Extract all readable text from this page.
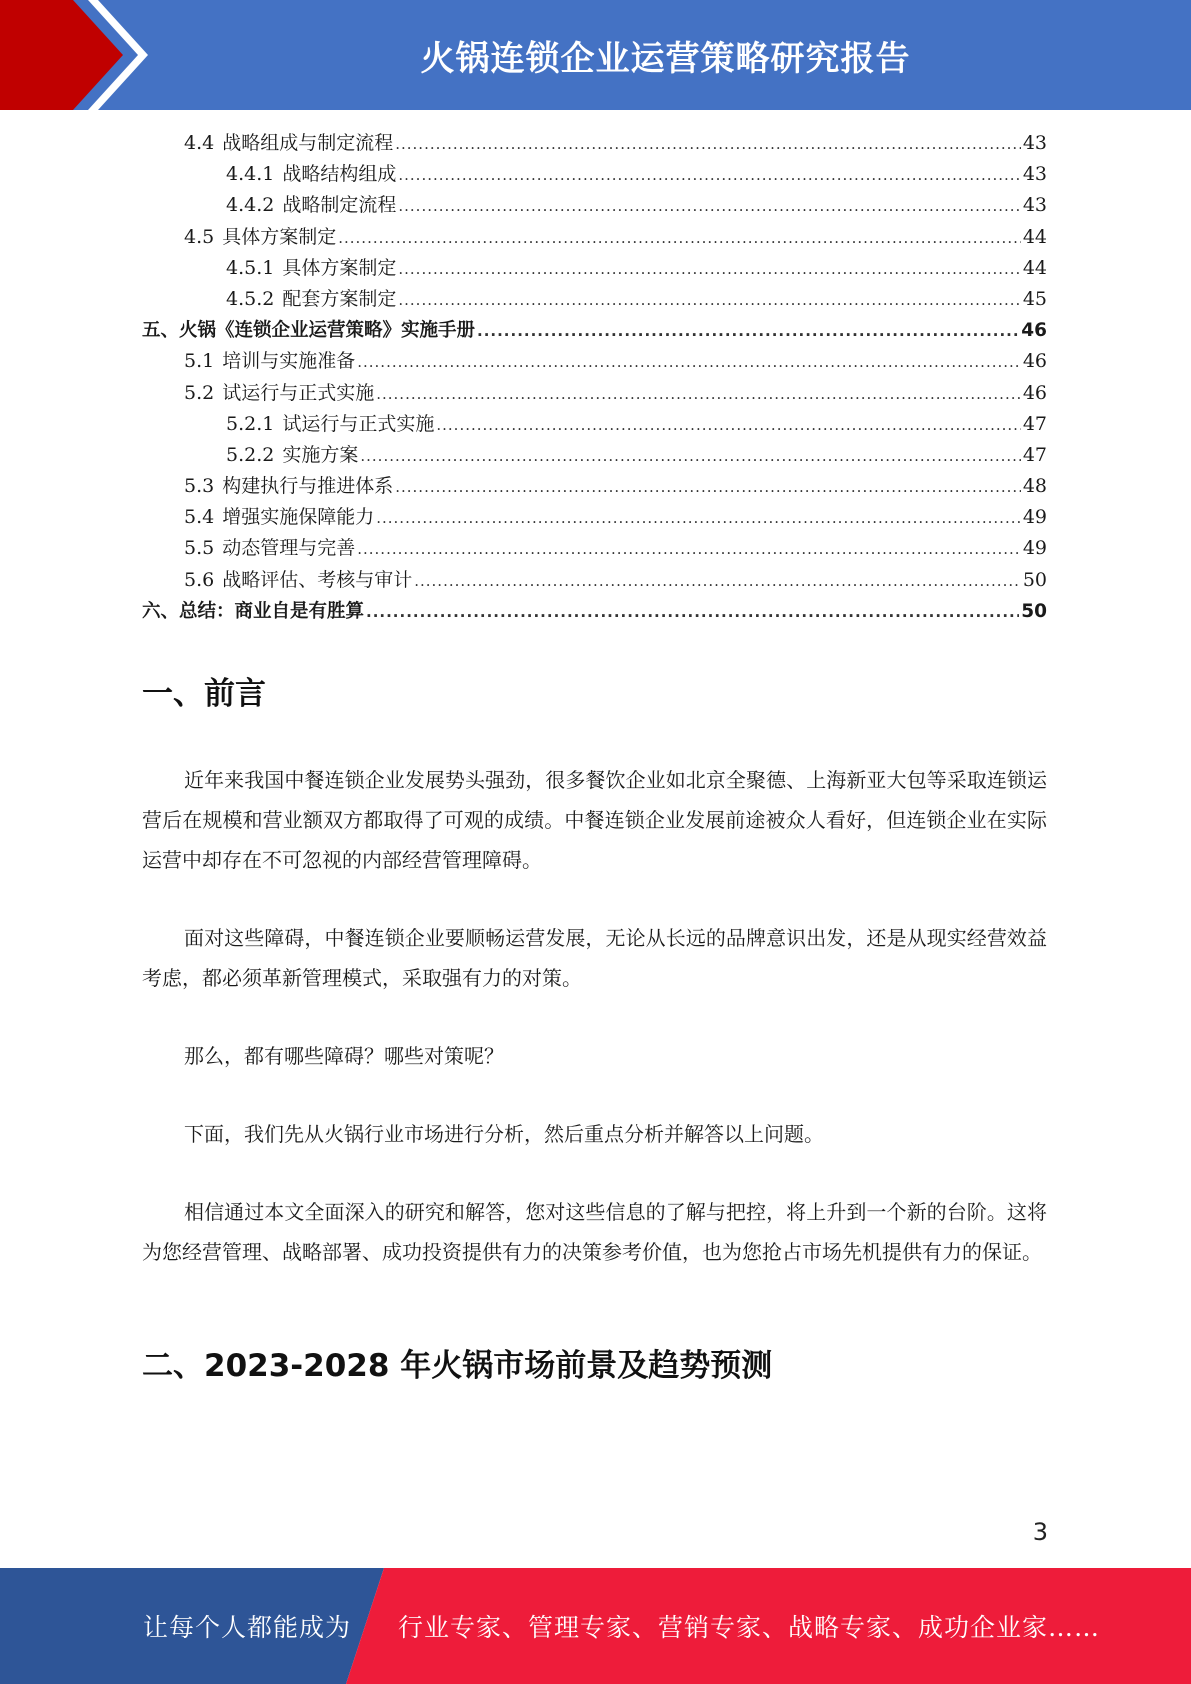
火锅连锁企业运营策略研究报告
4.4 战略组成与制定流程 .....	43
4.4.1 战略结构组成 .....	43
4.4.2 战略制定流程 .....	43
4.5 具体方案制定 .....	44
4.5.1 具体方案制定 .....	44
4.5.2 配套方案制定 .....	45
五、火锅《连锁企业运营策略》实施手册 .....	46
5.1 培训与实施准备 .....	46
5.2 试运行与正式实施 .....	46
5.2.1 试运行与正式实施 .....	47
5.2.2 实施方案 .....	47
5.3 构建执行与推进体系 .....	48
5.4 增强实施保障能力 .....	49
5.5 动态管理与完善 .....	49
5.6 战略评估、考核与审计 .....	50
六、总结：商业自是有胜算 .....	50
一、前言

近年来我国中餐连锁企业发展势头强劲，很多餐饮企业如北京全聚德、上海新亚大包等采取连锁运营后在规模和营业额双方都取得了可观的成绩。中餐连锁企业发展前途被众人看好，但连锁企业在实际运营中却存在不可忽视的内部经营管理障碍。

面对这些障碍，中餐连锁企业要顺畅运营发展，无论从长远的品牌意识出发，还是从现实经营效益考虑，都必须革新管理模式，采取强有力的对策。

那么，都有哪些障碍？哪些对策呢？

下面，我们先从火锅行业市场进行分析，然后重点分析并解答以上问题。

相信通过本文全面深入的研究和解答，您对这些信息的了解与把控，将上升到一个新的台阶。这将为您经营管理、战略部署、成功投资提供有力的决策参考价值，也为您抢占市场先机提供有力的保证。

二、2023-2028 年火锅市场前景及趋势预测
3
让每个人都能成为 行业专家、管理专家、营销专家、战略专家、成功企业家……
